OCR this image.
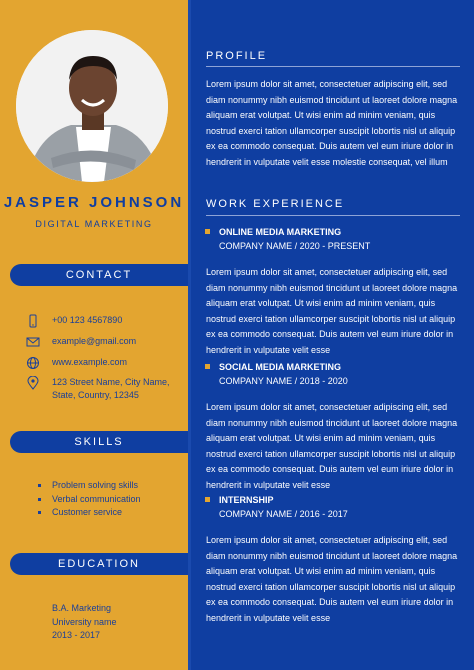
JASPER JOHNSON
DIGITAL MARKETING
CONTACT
+00 123 4567890
example@gmail.com
www.example.com
123 Street Name, City Name,
State, Country, 12345
SKILLS
Problem solving skills
Verbal communication
Customer service
EDUCATION
B.A. Marketing
University name
2013 - 2017
PROFILE
Lorem ipsum dolor sit amet, consectetuer adipiscing elit, sed diam nonummy nibh euismod tincidunt ut laoreet dolore magna aliquam erat volutpat. Ut wisi enim ad minim veniam, quis nostrud exerci tation ullamcorper suscipit lobortis nisl ut aliquip ex ea commodo consequat. Duis autem vel eum iriure dolor in hendrerit in vulputate velit esse molestie consequat, vel illum
WORK EXPERIENCE
ONLINE MEDIA MARKETING
COMPANY NAME / 2020 - PRESENT
Lorem ipsum dolor sit amet, consectetuer adipiscing elit, sed diam nonummy nibh euismod tincidunt ut laoreet dolore magna aliquam erat volutpat. Ut wisi enim ad minim veniam, quis nostrud exerci tation ullamcorper suscipit lobortis nisl ut aliquip ex ea commodo consequat. Duis autem vel eum iriure dolor in hendrerit in vulputate velit esse
SOCIAL MEDIA MARKETING
COMPANY NAME / 2018 - 2020
Lorem ipsum dolor sit amet, consectetuer adipiscing elit, sed diam nonummy nibh euismod tincidunt ut laoreet dolore magna aliquam erat volutpat. Ut wisi enim ad minim veniam, quis nostrud exerci tation ullamcorper suscipit lobortis nisl ut aliquip ex ea commodo consequat. Duis autem vel eum iriure dolor in hendrerit in vulputate velit esse
INTERNSHIP
COMPANY NAME / 2016 - 2017
Lorem ipsum dolor sit amet, consectetuer adipiscing elit, sed diam nonummy nibh euismod tincidunt ut laoreet dolore magna aliquam erat volutpat. Ut wisi enim ad minim veniam, quis nostrud exerci tation ullamcorper suscipit lobortis nisl ut aliquip ex ea commodo consequat. Duis autem vel eum iriure dolor in hendrerit in vulputate velit esse
